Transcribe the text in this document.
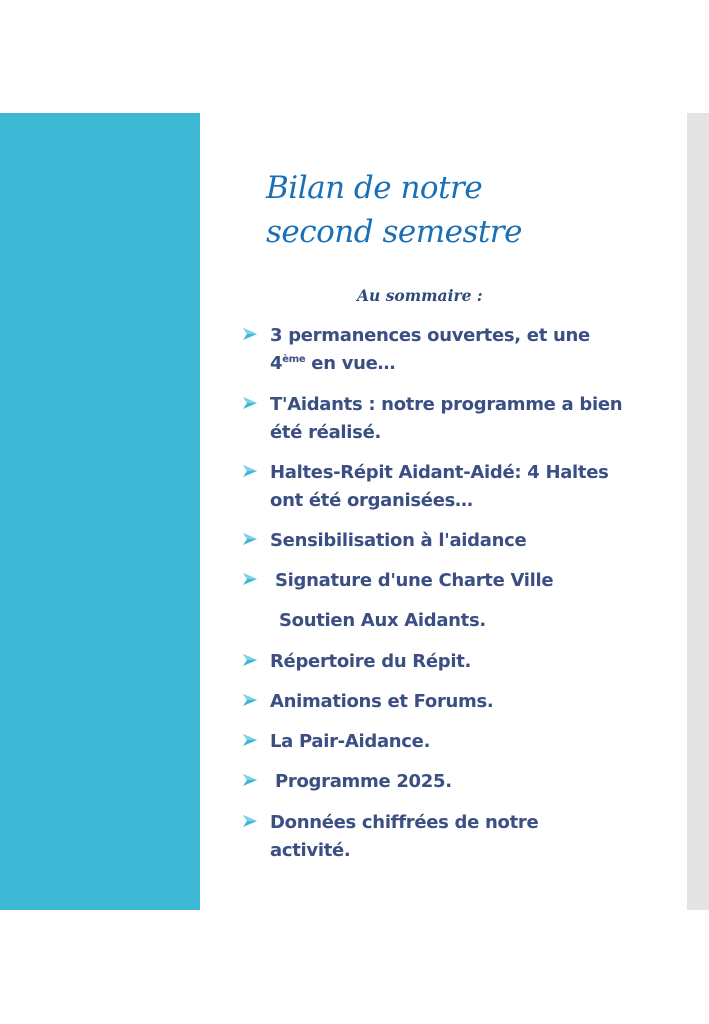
Bilan de notre
second semestre
Au sommaire :
3 permanences ouvertes, et une
4ème en vue…
T'Aidants : notre programme a bien
été réalisé.
Haltes-Répit Aidant-Aidé: 4 Haltes
ont été organisées…
Sensibilisation à l'aidance
Signature d'une Charte Ville
Soutien Aux Aidants.
Répertoire du Répit.
Animations et Forums.
La Pair-Aidance.
Programme 2025.
Données chiffrées de notre
activité.
